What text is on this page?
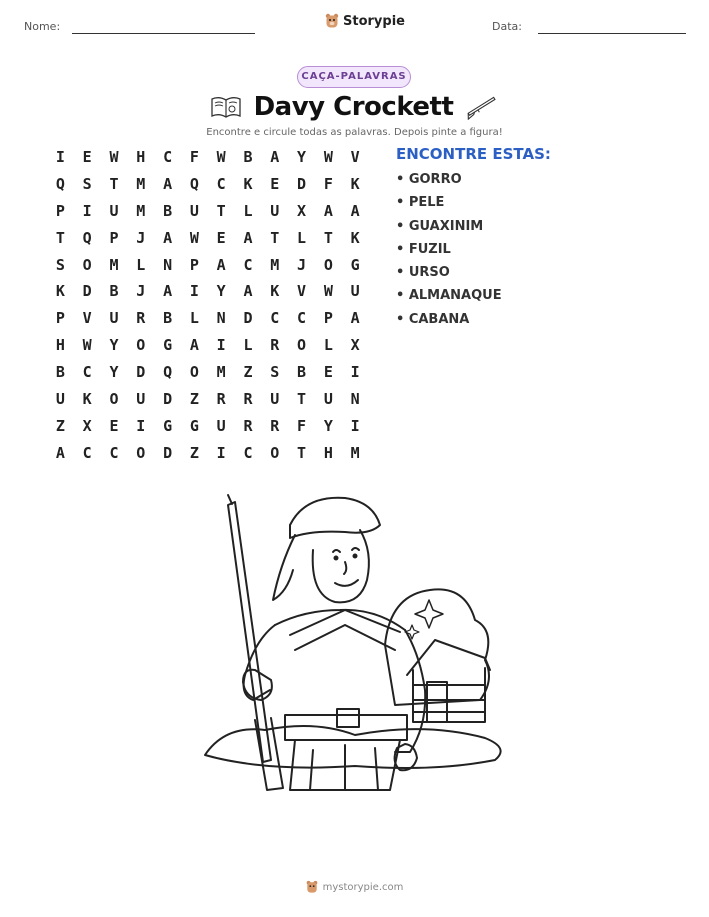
Nome:	Storypie	Data:
CAÇA-PALAVRAS
Davy Crockett
Encontre e circule todas as palavras. Depois pinte a figura!
I	E	W	H	C	F	W	B	A	Y	W	V
Q	S	T	M	A	Q	C	K	E	D	F	K
P	I	U	M	B	U	T	L	U	X	A	A
T	Q	P	J	A	W	E	A	T	L	T	K
S	O	M	L	N	P	A	C	M	J	O	G
K	D	B	J	A	I	Y	A	K	V	W	U
P	V	U	R	B	L	N	D	C	C	P	A
H	W	Y	O	G	A	I	L	R	O	L	X
B	C	Y	D	Q	O	M	Z	S	B	E	I
U	K	O	U	D	Z	R	R	U	T	U	N
Z	X	E	I	G	G	U	R	R	F	Y	I
A	C	C	O	D	Z	I	C	O	T	H	M
ENCONTRE ESTAS:
• GORRO
• PELE
• GUAXINIM
• FUZIL
• URSO
• ALMANAQUE
• CABANA
mystorypie.com
